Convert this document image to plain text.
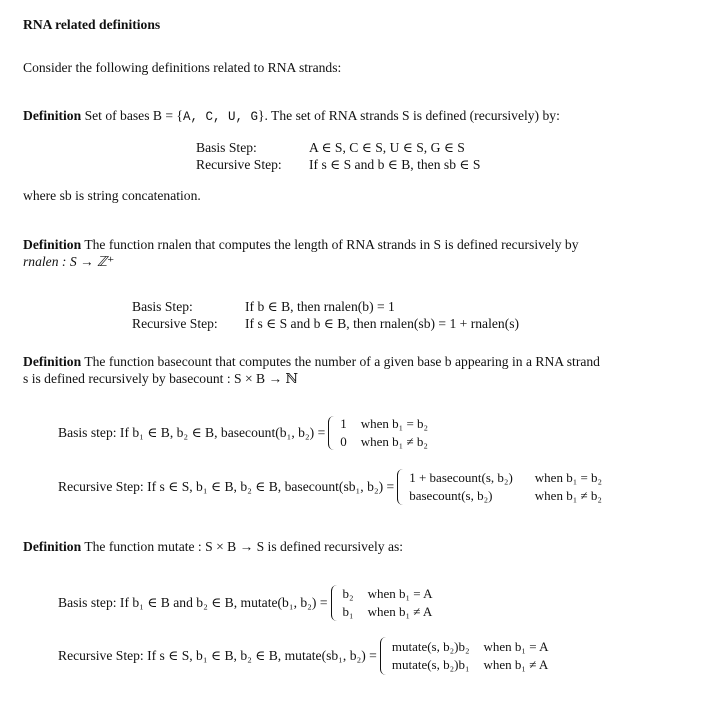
RNA related definitions
Consider the following definitions related to RNA strands:
Definition Set of bases B = {A, C, U, G}. The set of RNA strands S is defined (recursively) by:
Basis Step:	A ∈ S, C ∈ S, U ∈ S, G ∈ S
Recursive Step: If s ∈ S and b ∈ B, then sb ∈ S
where sb is string concatenation.
Definition The function rnalen that computes the length of RNA strands in S is defined recursively by
rnalen : S → ℤ⁺
Basis Step:	If b ∈ B, then rnalen(b) = 1
Recursive Step: If s ∈ S and b ∈ B, then rnalen(sb) = 1 + rnalen(s)
Definition The function basecount that computes the number of a given base b appearing in a RNA strand
s is defined recursively by basecount : S × B → ℕ
Basis step: If b₁ ∈ B, b₂ ∈ B, basecount(b₁, b₂) =
1 when b₁ = b₂
0 when b₁ ≠ b₂
Recursive Step: If s ∈ S, b₁ ∈ B, b₂ ∈ B, basecount(sb₁, b₂) =
1 + basecount(s, b₂) when b₁ = b₂
basecount(s, b₂)	when b₁ ≠ b₂
Definition The function mutate : S × B → S is defined recursively as:
Basis step: If b₁ ∈ B and b₂ ∈ B, mutate(b₁, b₂) =
b₂ when b₁ = A
b₁ when b₁ ≠ A
Recursive Step: If s ∈ S, b₁ ∈ B, b₂ ∈ B, mutate(sb₁, b₂) =
mutate(s, b₂)b₂ when b₁ = A
mutate(s, b₂)b₁ when b₁ ≠ A
